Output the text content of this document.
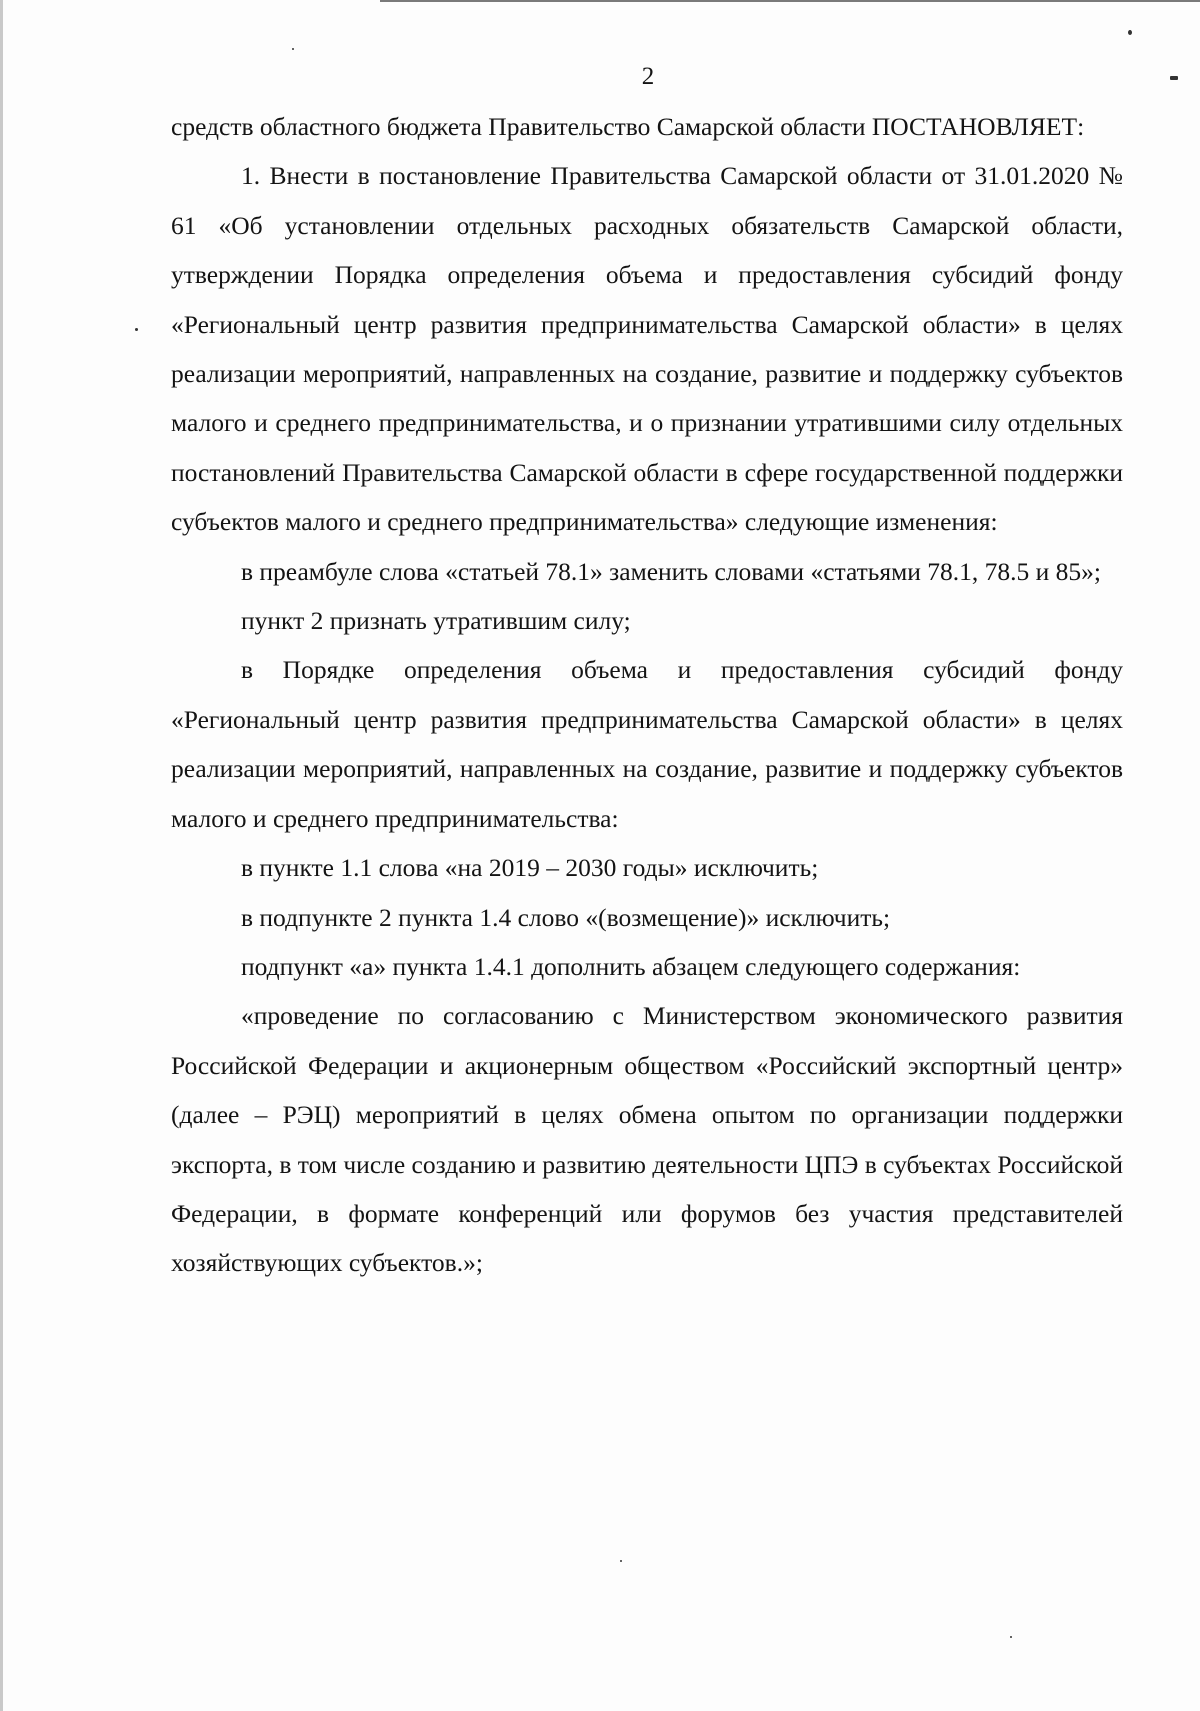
2

средств областного бюджета Правительство Самарской области ПОСТАНОВЛЯЕТ:

1. Внести в постановление Правительства Самарской области от 31.01.2020 № 61 «Об установлении отдельных расходных обязательств Самарской области, утверждении Порядка определения объема и предоставления субсидий фонду «Региональный центр развития предпринимательства Самарской области» в целях реализации мероприятий, направленных на создание, развитие и поддержку субъектов малого и среднего предпринимательства, и о признании утратившими силу отдельных постановлений Правительства Самарской области в сфере государственной поддержки субъектов малого и среднего предпринимательства» следующие изменения:

в преамбуле слова «статьей 78.1» заменить словами «статьями 78.1, 78.5 и 85»;

пункт 2 признать утратившим силу;

в Порядке определения объема и предоставления субсидий фонду «Региональный центр развития предпринимательства Самарской области» в целях реализации мероприятий, направленных на создание, развитие и поддержку субъектов малого и среднего предпринимательства:

в пункте 1.1 слова «на 2019 – 2030 годы» исключить;

в подпункте 2 пункта 1.4 слово «(возмещение)» исключить;

подпункт «а» пункта 1.4.1 дополнить абзацем следующего содержания:

«проведение по согласованию с Министерством экономического развития Российской Федерации и акционерным обществом «Российский экспортный центр» (далее – РЭЦ) мероприятий в целях обмена опытом по организации поддержки экспорта, в том числе созданию и развитию деятельности ЦПЭ в субъектах Российской Федерации, в формате конференций или форумов без участия представителей хозяйствующих субъектов.»;
